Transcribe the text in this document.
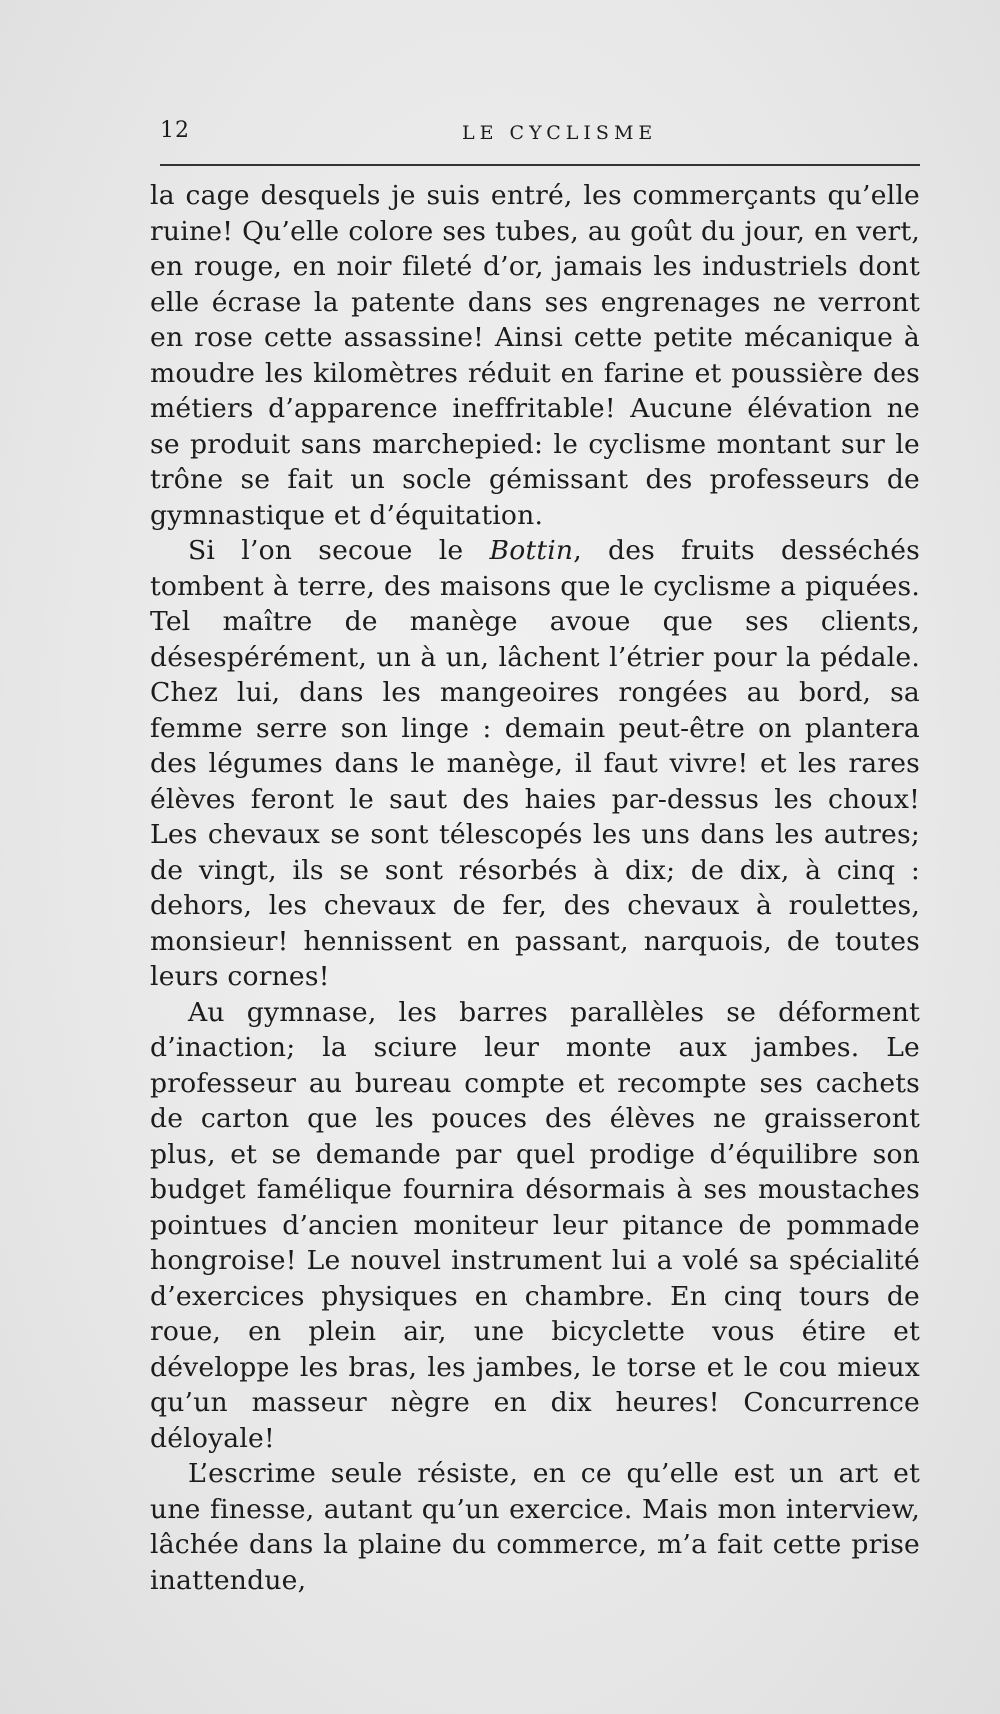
12	LE CYCLISME

la cage desquels je suis entré, les commerçants qu’elle ruine! Qu’elle colore ses tubes, au goût du jour, en vert, en rouge, en noir fileté d’or, jamais les industriels dont elle écrase la patente dans ses engrenages ne verront en rose cette assassine! Ainsi cette petite mécanique à moudre les kilomètres réduit en farine et poussière des métiers d’apparence ineffritable! Aucune élévation ne se produit sans marchepied: le cyclisme montant sur le trône se fait un socle gémissant des professeurs de gymnastique et d’équitation.

Si l’on secoue le Bottin, des fruits desséchés tombent à terre, des maisons que le cyclisme a piquées. Tel maître de manège avoue que ses clients, désespérément, un à un, lâchent l’étrier pour la pédale. Chez lui, dans les mangeoires rongées au bord, sa femme serre son linge : demain peut-être on plantera des légumes dans le manège, il faut vivre! et les rares élèves feront le saut des haies par-dessus les choux! Les chevaux se sont télescopés les uns dans les autres; de vingt, ils se sont résorbés à dix; de dix, à cinq : dehors, les chevaux de fer, des chevaux à roulettes, monsieur! hennissent en passant, narquois, de toutes leurs cornes!

Au gymnase, les barres parallèles se déforment d’inaction; la sciure leur monte aux jambes. Le professeur au bureau compte et recompte ses cachets de carton que les pouces des élèves ne graisseront plus, et se demande par quel prodige d’équilibre son budget famélique fournira désormais à ses moustaches pointues d’ancien moniteur leur pitance de pommade hongroise! Le nouvel instrument lui a volé sa spécialité d’exercices physiques en chambre. En cinq tours de roue, en plein air, une bicyclette vous étire et développe les bras, les jambes, le torse et le cou mieux qu’un masseur nègre en dix heures! Concurrence déloyale!

L’escrime seule résiste, en ce qu’elle est un art et une finesse, autant qu’un exercice. Mais mon interview, lâchée dans la plaine du commerce, m’a fait cette prise inattendue,
